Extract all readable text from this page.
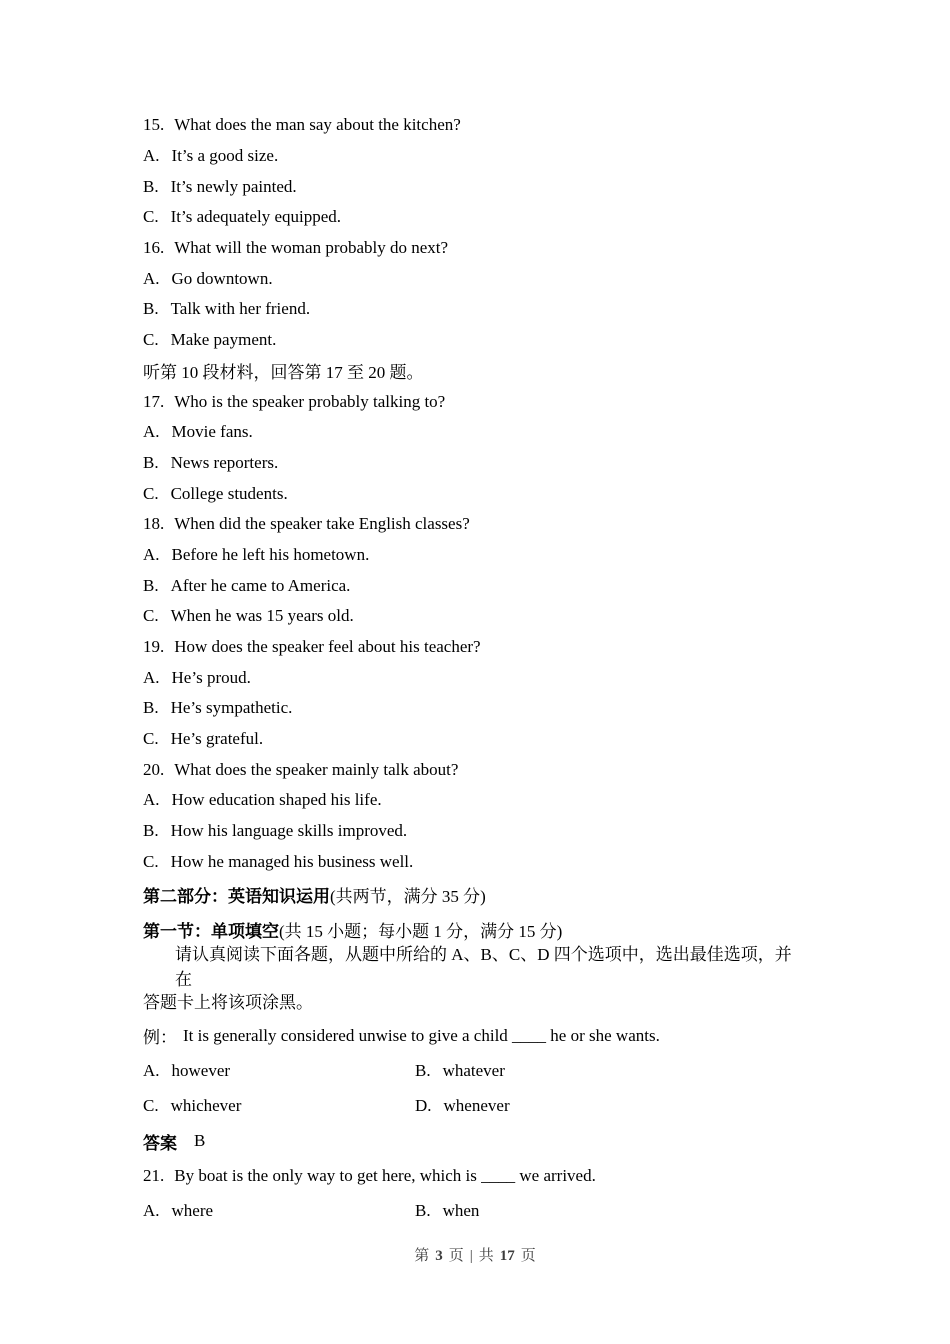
15. What does the man say about the kitchen?
A. It’s a good size.
B. It’s newly painted.
C. It’s adequately equipped.
16. What will the woman probably do next?
A. Go downtown.
B. Talk with her friend.
C. Make payment.
听第 10 段材料，回答第 17 至 20 题。
17. Who is the speaker probably talking to?
A. Movie fans.
B. News reporters.
C. College students.
18. When did the speaker take English classes?
A. Before he left his hometown.
B. After he came to America.
C. When he was 15 years old.
19. How does the speaker feel about his teacher?
A. He’s proud.
B. He’s sympathetic.
C. He’s grateful.
20. What does the speaker mainly talk about?
A. How education shaped his life.
B. How his language skills improved.
C. How he managed his business well.
第二部分：英语知识运用 (共两节，满分 35 分)
第一节：单项填空 (共 15 小题；每小题 1 分，满分 15 分)
请认真阅读下面各题，从题中所给的 A、B、C、D 四个选项中，选出最佳选项，并在
答题卡上将该项涂黑。
例： It is generally considered unwise to give a child ____ he or she wants.
A. however	B. whatever
C. whichever	D. whenever
答案 B
21. By boat is the only way to get here, which is ____ we arrived.
A. where	B. when
第 3 页 | 共 17 页
